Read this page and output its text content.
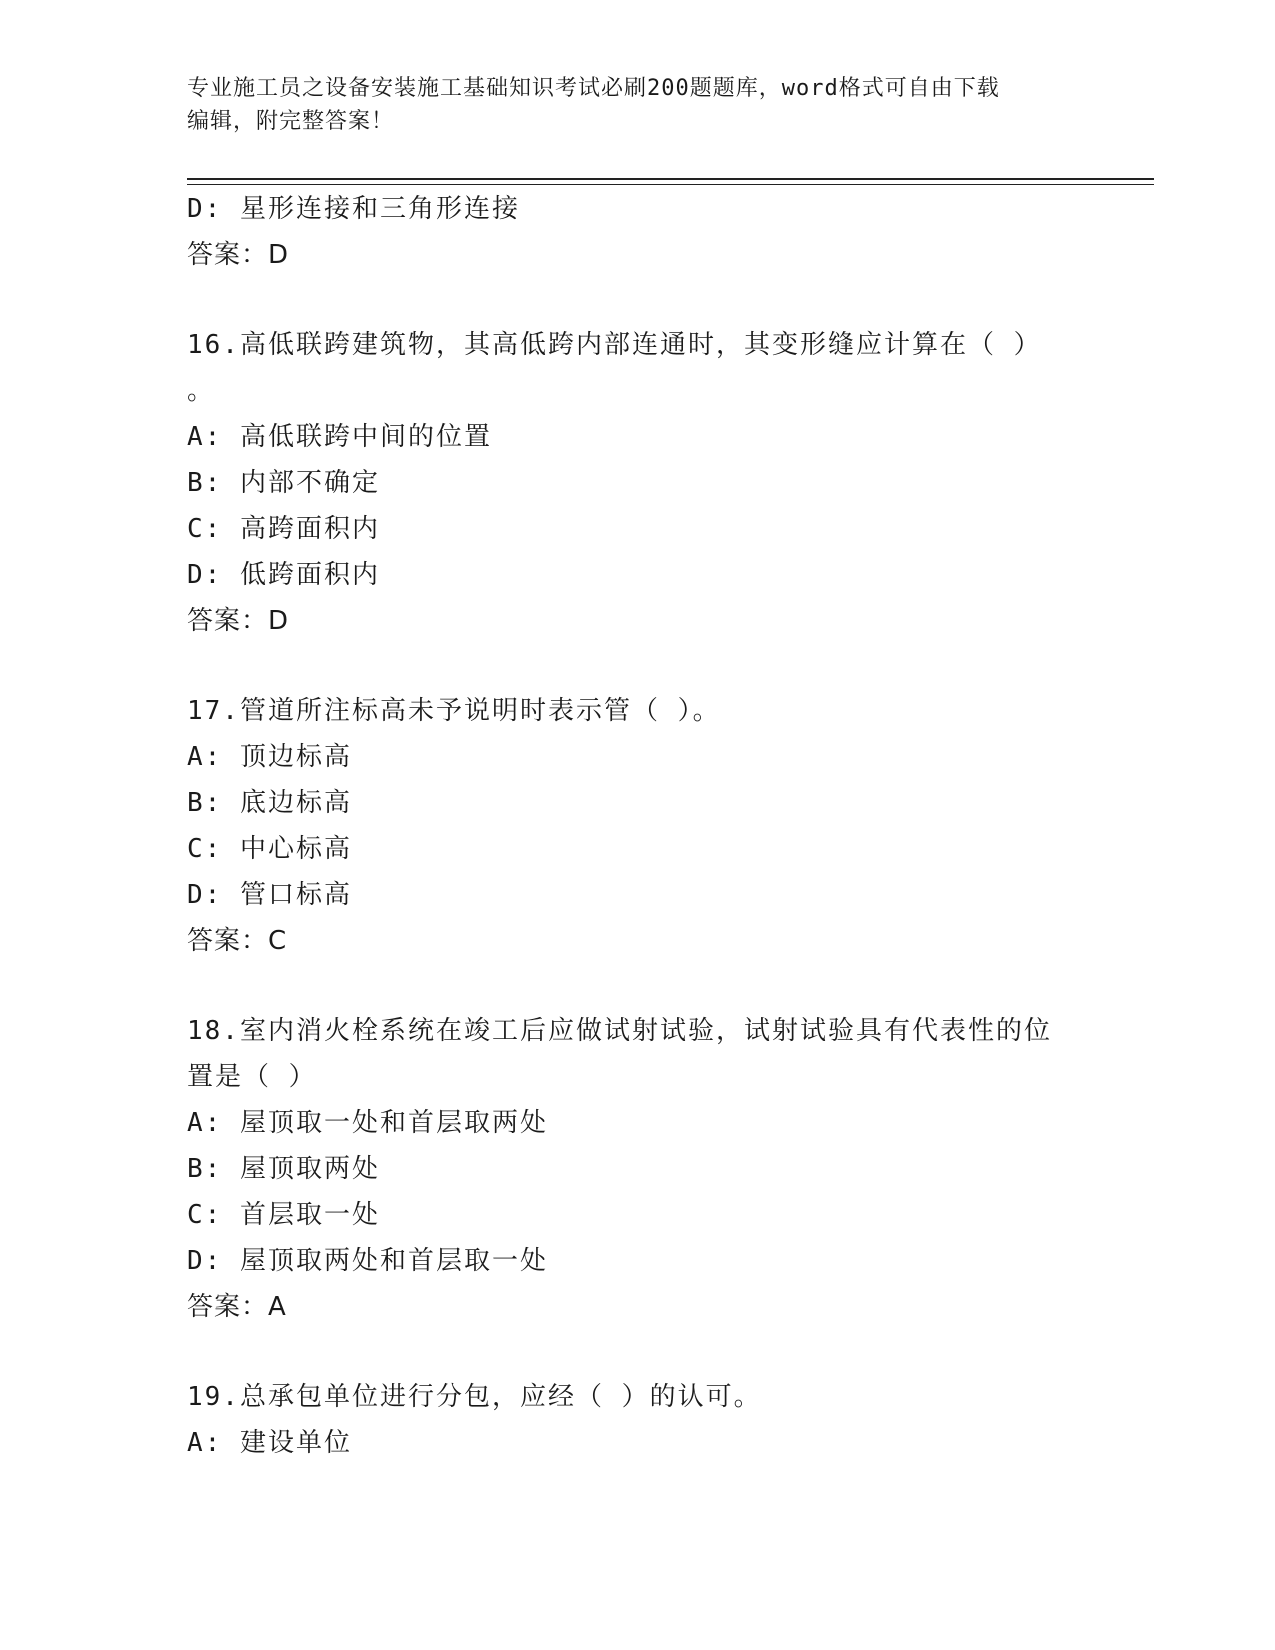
专业施工员之设备安装施工基础知识考试必刷200题题库，word格式可自由下载
编辑，附完整答案！
D: 星形连接和三角形连接
答案：D
16.高低联跨建筑物，其高低跨内部连通时，其变形缝应计算在（ ）
。
A: 高低联跨中间的位置
B: 内部不确定
C: 高跨面积内
D: 低跨面积内
答案：D
17.管道所注标高未予说明时表示管（ ）。
A: 顶边标高
B: 底边标高
C: 中心标高
D: 管口标高
答案：C
18.室内消火栓系统在竣工后应做试射试验，试射试验具有代表性的位
置是（ ）
A: 屋顶取一处和首层取两处
B: 屋顶取两处
C: 首层取一处
D: 屋顶取两处和首层取一处
答案：A
19.总承包单位进行分包，应经（ ）的认可。
A: 建设单位
